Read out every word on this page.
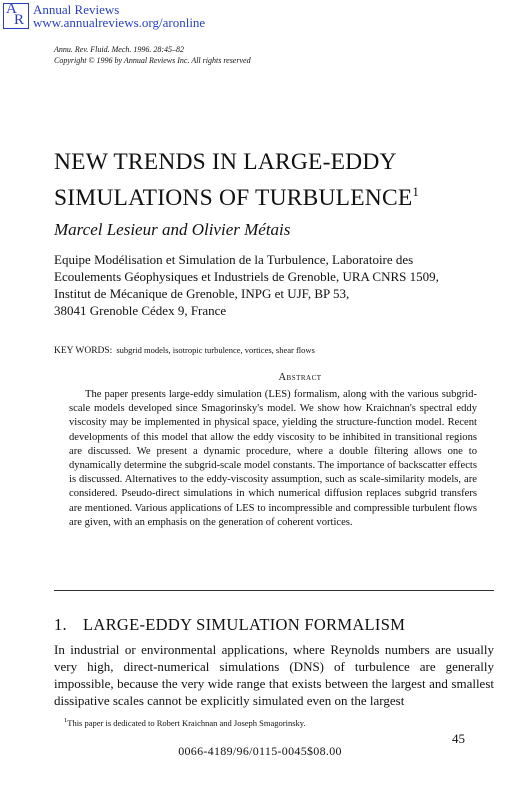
A
R
Annual Reviews
www.annualreviews.org/aronline
Annu. Rev. Fluid. Mech. 1996. 28:45–82
Copyright © 1996 by Annual Reviews Inc. All rights reserved
NEW TRENDS IN LARGE-EDDY
SIMULATIONS OF TURBULENCE$^1$
Marcel Lesieur and Olivier Métais
Equipe Modélisation et Simulation de la Turbulence, Laboratoire des
Ecoulements Géophysiques et Industriels de Grenoble, URA CNRS 1509,
Institut de Mécanique de Grenoble, INPG et UJF, BP 53,
38041 Grenoble Cédex 9, France
KEY WORDS: subgrid models, isotropic turbulence, vortices, shear flows
Abstract
The paper presents large-eddy simulation (LES) formalism, along with the various subgrid-scale models developed since Smagorinsky's model. We show how Kraichnan's spectral eddy viscosity may be implemented in physical space, yielding the structure-function model. Recent developments of this model that allow the eddy viscosity to be inhibited in transitional regions are discussed. We present a dynamic procedure, where a double filtering allows one to dynamically determine the subgrid-scale model constants. The importance of backscatter effects is discussed. Alternatives to the eddy-viscosity assumption, such as scale-similarity models, are considered. Pseudo-direct simulations in which numerical diffusion replaces subgrid transfers are mentioned. Various applications of LES to incompressible and compressible turbulent flows are given, with an emphasis on the generation of coherent vortices.
1. LARGE-EDDY SIMULATION FORMALISM
In industrial or environmental applications, where Reynolds numbers are usually very high, direct-numerical simulations (DNS) of turbulence are generally impossible, because the very wide range that exists between the largest and smallest dissipative scales cannot be explicitly simulated even on the largest
$^1$This paper is dedicated to Robert Kraichnan and Joseph Smagorinsky.
45
0066-4189/96/0115-0045$08.00
